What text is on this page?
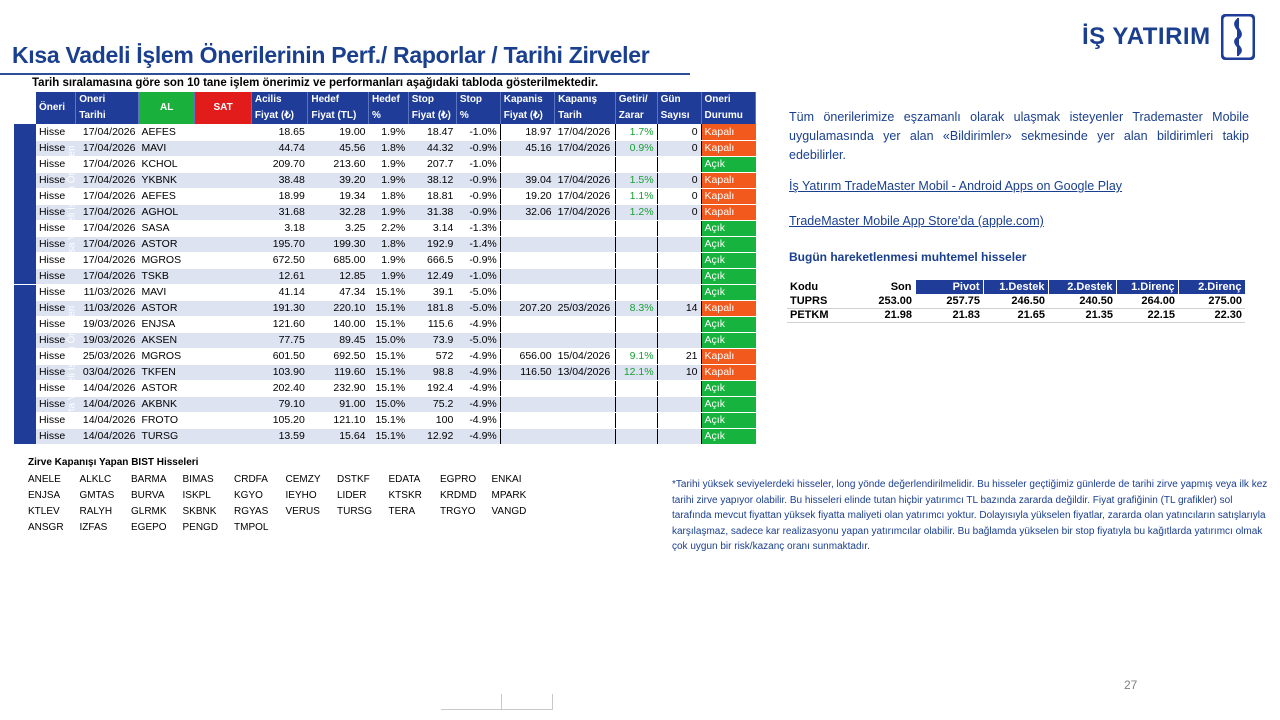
Kısa Vadeli İşlem Önerilerinin Perf./ Raporlar / Tarihi Zirveler
İŞ YATIRIM
Tarih sıralamasına göre son 10 tane işlem önerimiz ve performanları aşağıdaki tabloda gösterilmektedir.
	Öneri	Oneri	AL	SAT	Acilis	Hedef	Hedef	Stop	Stop	Kapanis	Kapanış	Getiri/	Gün	Oneri
		Tarihi			Fiyat (₺)	Fiyat (TL)	%	Fiyat (₺)	%	Fiyat (₺)	Tarih	Zarar	Sayısı	Durumu
Kısa Vadeli İşlem Önerileri	Hisse	17/04/2026	AEFES		18.65	19.00	1.9%	18.47	-1.0%	18.97	17/04/2026	1.7%	0	Kapalı
	Hisse	17/04/2026	MAVI		44.74	45.56	1.8%	44.32	-0.9%	45.16	17/04/2026	0.9%	0	Kapalı
	Hisse	17/04/2026	KCHOL		209.70	213.60	1.9%	207.7	-1.0%					Açık
	Hisse	17/04/2026	YKBNK		38.48	39.20	1.9%	38.12	-0.9%	39.04	17/04/2026	1.5%	0	Kapalı
	Hisse	17/04/2026	AEFES		18.99	19.34	1.8%	18.81	-0.9%	19.20	17/04/2026	1.1%	0	Kapalı
	Hisse	17/04/2026	AGHOL		31.68	32.28	1.9%	31.38	-0.9%	32.06	17/04/2026	1.2%	0	Kapalı
	Hisse	17/04/2026	SASA		3.18	3.25	2.2%	3.14	-1.3%					Açık
	Hisse	17/04/2026	ASTOR		195.70	199.30	1.8%	192.9	-1.4%					Açık
	Hisse	17/04/2026	MGROS		672.50	685.00	1.9%	666.5	-0.9%					Açık
	Hisse	17/04/2026	TSKB		12.61	12.85	1.9%	12.49	-1.0%					Açık
Orta Vadeli İşlem Önerileri	Hisse	11/03/2026	MAVI		41.14	47.34	15.1%	39.1	-5.0%					Açık
	Hisse	11/03/2026	ASTOR		191.30	220.10	15.1%	181.8	-5.0%	207.20	25/03/2026	8.3%	14	Kapalı
	Hisse	19/03/2026	ENJSA		121.60	140.00	15.1%	115.6	-4.9%					Açık
	Hisse	19/03/2026	AKSEN		77.75	89.45	15.0%	73.9	-5.0%					Açık
	Hisse	25/03/2026	MGROS		601.50	692.50	15.1%	572	-4.9%	656.00	15/04/2026	9.1%	21	Kapalı
	Hisse	03/04/2026	TKFEN		103.90	119.60	15.1%	98.8	-4.9%	116.50	13/04/2026	12.1%	10	Kapalı
	Hisse	14/04/2026	ASTOR		202.40	232.90	15.1%	192.4	-4.9%					Açık
	Hisse	14/04/2026	AKBNK		79.10	91.00	15.0%	75.2	-4.9%					Açık
	Hisse	14/04/2026	FROTO		105.20	121.10	15.1%	100	-4.9%					Açık
	Hisse	14/04/2026	TURSG		13.59	15.64	15.1%	12.92	-4.9%					Açık
Tüm önerilerimize eşzamanlı olarak ulaşmak isteyenler Trademaster Mobile uygulamasında yer alan «Bildirimler» sekmesinde yer alan bildirimleri takip edebilirler.
İş Yatırım TradeMaster Mobil - Android Apps on Google Play
TradeMaster Mobile App Store'da (apple.com)
Bugün hareketlenmesi muhtemel hisseler
Kodu	Son	Pivot	1.Destek	2.Destek	1.Direnç	2.Direnç
TUPRS	253.00	257.75	246.50	240.50	264.00	275.00
PETKM	21.98	21.83	21.65	21.35	22.15	22.30
Zirve Kapanışı Yapan BIST Hisseleri
ANELE	ALKLC	BARMA	BIMAS	CRDFA	CEMZY	DSTKF	EDATA	EGPRO	ENKAI
ENJSA	GMTAS	BURVA	ISKPL	KGYO	IEYHO	LIDER	KTSKR	KRDMD	MPARK
KTLEV	RALYH	GLRMK	SKBNK	RGYAS	VERUS	TURSG	TERA	TRGYO	VANGD
ANSGR	IZFAS	EGEPO	PENGD	TMPOL
*Tarihi yüksek seviyelerdeki hisseler, long yönde değerlendirilmelidir. Bu hisseler geçtiğimiz günlerde de tarihi zirve yapmış veya ilk kez tarihi zirve yapıyor olabilir. Bu hisseleri elinde tutan hiçbir yatırımcı TL bazında zararda değildir. Fiyat grafiğinin (TL grafikler) sol tarafında mevcut fiyattan yüksek fiyatta maliyeti olan yatırımcı yoktur. Dolayısıyla yükselen fiyatlar, zararda olan yatıncıların satışlarıyla karşılaşmaz, sadece kar realizasyonu yapan yatırımcılar olabilir. Bu bağlamda yükselen bir stop fiyatıyla bu kağıtlarda yatırımcı olmak çok uygun bir risk/kazanç oranı sunmaktadır.
27
